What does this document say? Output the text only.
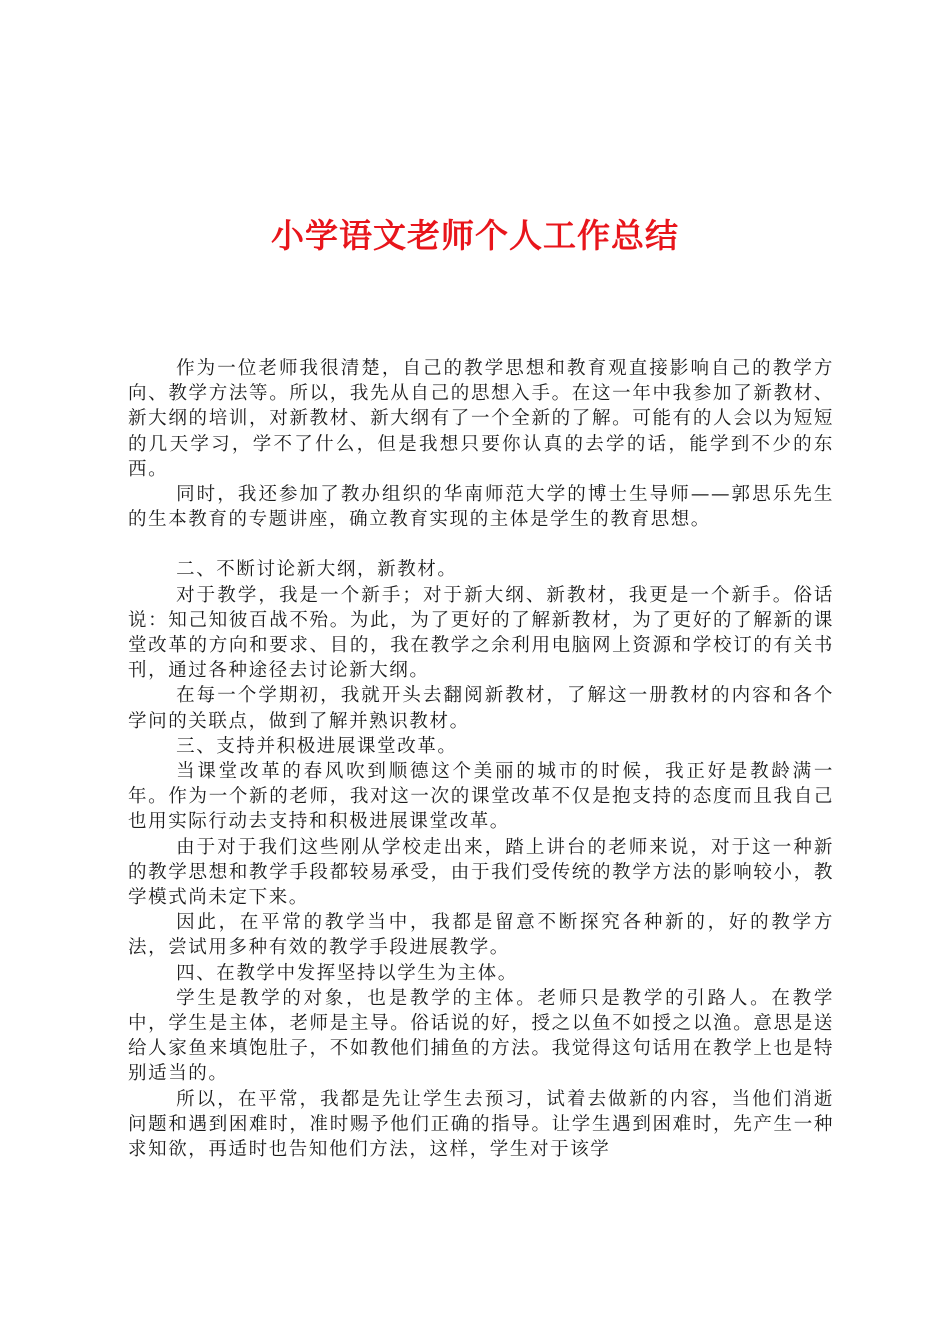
小学语文老师个人工作总结

作为一位老师我很清楚，自己的教学思想和教育观直接影响自己的教学方向、教学方法等。所以，我先从自己的思想入手。在这一年中我参加了新教材、新大纲的培训，对新教材、新大纲有了一个全新的了解。可能有的人会以为短短的几天学习，学不了什么，但是我想只要你认真的去学的话，能学到不少的东西。

同时，我还参加了教办组织的华南师范大学的博士生导师——郭思乐先生的生本教育的专题讲座，确立教育实现的主体是学生的教育思想。

二、不断讨论新大纲，新教材。

对于教学，我是一个新手；对于新大纲、新教材，我更是一个新手。俗话说：知己知彼百战不殆。为此，为了更好的了解新教材，为了更好的了解新的课堂改革的方向和要求、目的，我在教学之余利用电脑网上资源和学校订的有关书刊，通过各种途径去讨论新大纲。

在每一个学期初，我就开头去翻阅新教材，了解这一册教材的内容和各个学问的关联点，做到了解并熟识教材。

三、支持并积极进展课堂改革。

当课堂改革的春风吹到顺德这个美丽的城市的时候，我正好是教龄满一年。作为一个新的老师，我对这一次的课堂改革不仅是抱支持的态度而且我自己也用实际行动去支持和积极进展课堂改革。

由于对于我们这些刚从学校走出来，踏上讲台的老师来说，对于这一种新的教学思想和教学手段都较易承受，由于我们受传统的教学方法的影响较小，教学模式尚未定下来。

因此，在平常的教学当中，我都是留意不断探究各种新的，好的教学方法，尝试用多种有效的教学手段进展教学。

四、在教学中发挥坚持以学生为主体。

学生是教学的对象，也是教学的主体。老师只是教学的引路人。在教学中，学生是主体，老师是主导。俗话说的好，授之以鱼不如授之以渔。意思是送给人家鱼来填饱肚子，不如教他们捕鱼的方法。我觉得这句话用在教学上也是特别适当的。

所以，在平常，我都是先让学生去预习，试着去做新的内容，当他们消逝问题和遇到困难时，准时赐予他们正确的指导。让学生遇到困难时，先产生一种求知欲，再适时也告知他们方法，这样，学生对于该学
